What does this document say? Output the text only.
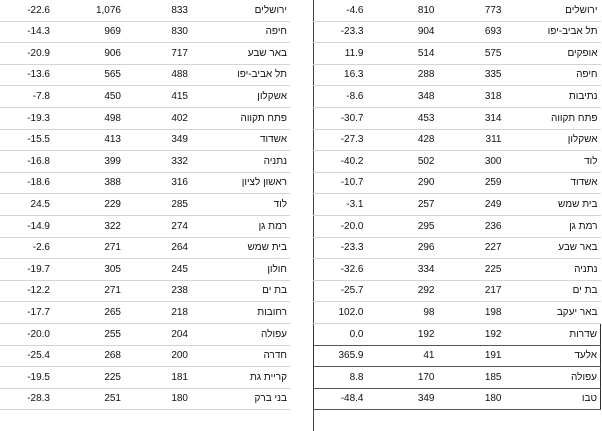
-22.6	1,076	833	ירושלים
-14.3	969	830	חיפה
-20.9	906	717	באר שבע
-13.6	565	488	תל אביב-יפו
-7.8	450	415	אשקלון
-19.3	498	402	פתח תקווה
-15.5	413	349	אשדוד
-16.8	399	332	נתניה
-18.6	388	316	ראשון לציון
24.5	229	285	לוד
-14.9	322	274	רמת גן
-2.6	271	264	בית שמש
-19.7	305	245	חולון
-12.2	271	238	בת ים
-17.7	265	218	רחובות
-20.0	255	204	עפולה
-25.4	268	200	חדרה
-19.5	225	181	קריית גת
-28.3	251	180	בני ברק

-4.6	810	773	ירושלים
-23.3	904	693	תל אביב-יפו
11.9	514	575	אופקים
16.3	288	335	חיפה
-8.6	348	318	נתיבות
-30.7	453	314	פתח תקווה
-27.3	428	311	אשקלון
-40.2	502	300	לוד
-10.7	290	259	אשדוד
-3.1	257	249	בית שמש
-20.0	295	236	רמת גן
-23.3	296	227	באר שבע
-32.6	334	225	נתניה
-25.7	292	217	בת ים
102.0	98	198	באר יעקב
0.0	192	192	שדרות
365.9	41	191	אלעד
8.8	170	185	עפולה
-48.4	349	180	טבו
